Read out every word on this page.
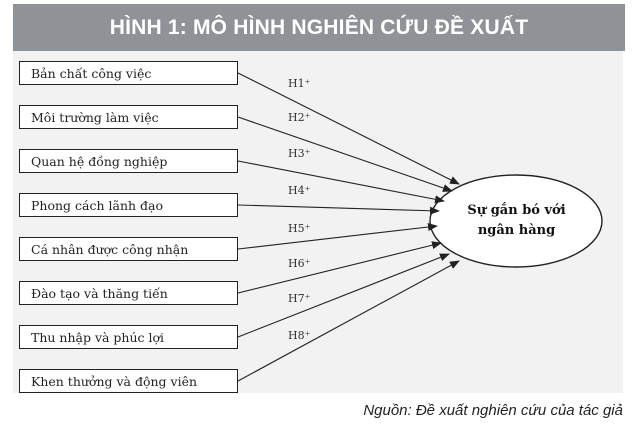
HÌNH 1: MÔ HÌNH NGHIÊN CỨU ĐỀ XUẤT
Bản chất công việc
Môi trường làm việc
Quan hệ đồng nghiệp
Phong cách lãnh đạo
Cá nhân được công nhận
Đào tạo và thăng tiến
Thu nhập và phúc lợi
Khen thưởng và động viên
H1⁺
H2⁺
H3⁺
H4⁺
H5⁺
H6⁺
H7⁺
H8⁺
Sự gắn bó với
ngân hàng
Nguồn: Đề xuất nghiên cứu của tác giả
